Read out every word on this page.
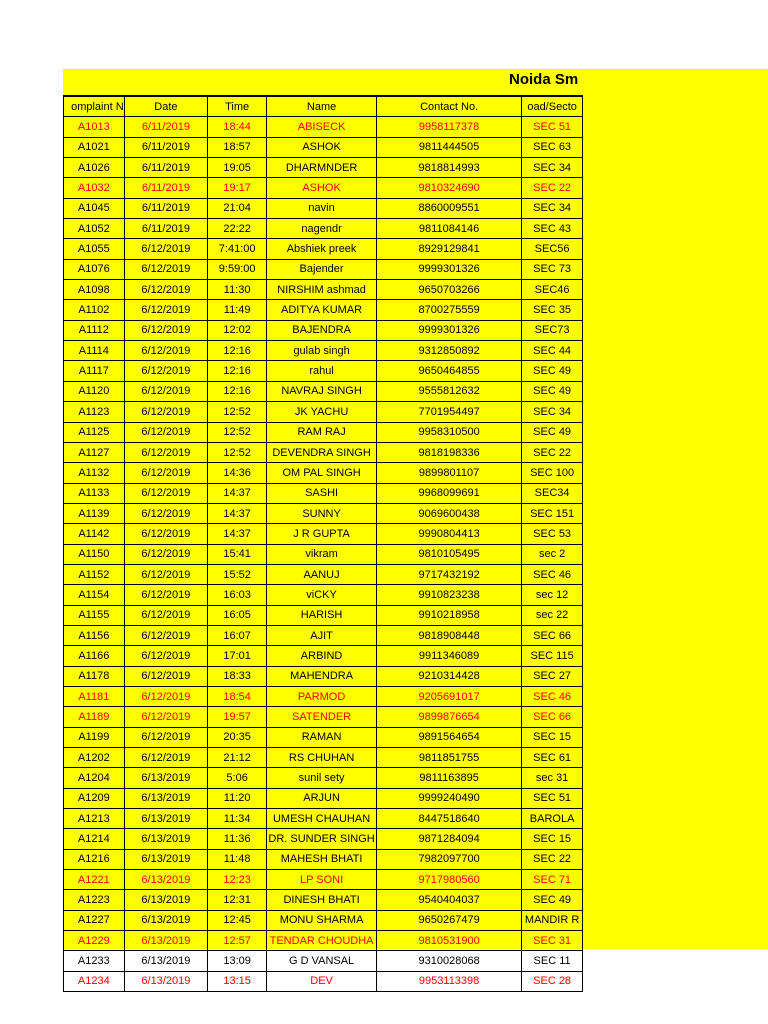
Noida Sm
omplaint N	Date	Time	Name	Contact No.	oad/Secto
A1013	6/11/2019	18:44	ABISECK	9958117378	SEC 51
A1021	6/11/2019	18:57	ASHOK	9811444505	SEC 63
A1026	6/11/2019	19:05	DHARMNDER	9818814993	SEC 34
A1032	6/11/2019	19:17	ASHOK	9810324690	SEC 22
A1045	6/11/2019	21:04	navin	8860009551	SEC 34
A1052	6/11/2019	22:22	nagendr	9811084146	SEC 43
A1055	6/12/2019	7:41:00	Abshiek preek	8929129841	SEC56
A1076	6/12/2019	9:59:00	Bajender	9999301326	SEC 73
A1098	6/12/2019	11:30	NIRSHIM ashmad	9650703266	SEC46
A1102	6/12/2019	11:49	ADITYA KUMAR	8700275559	SEC 35
A1112	6/12/2019	12:02	BAJENDRA	9999301326	SEC73
A1114	6/12/2019	12:16	gulab singh	9312850892	SEC 44
A1117	6/12/2019	12:16	rahul	9650464855	SEC 49
A1120	6/12/2019	12:16	NAVRAJ SINGH	9555812632	SEC 49
A1123	6/12/2019	12:52	JK YACHU	7701954497	SEC 34
A1125	6/12/2019	12:52	RAM RAJ	9958310500	SEC 49
A1127	6/12/2019	12:52	DEVENDRA SINGH	9818198336	SEC 22
A1132	6/12/2019	14:36	OM PAL SINGH	9899801107	SEC 100
A1133	6/12/2019	14:37	SASHI	9968099691	SEC34
A1139	6/12/2019	14:37	SUNNY	9069600438	SEC 151
A1142	6/12/2019	14:37	J R GUPTA	9990804413	SEC 53
A1150	6/12/2019	15:41	vikram	9810105495	sec 2
A1152	6/12/2019	15:52	AANUJ	9717432192	SEC 46
A1154	6/12/2019	16:03	viCKY	9910823238	sec 12
A1155	6/12/2019	16:05	HARISH	9910218958	sec 22
A1156	6/12/2019	16:07	AJIT	9818908448	SEC 66
A1166	6/12/2019	17:01	ARBIND	9911346089	SEC 115
A1178	6/12/2019	18:33	MAHENDRA	9210314428	SEC 27
A1181	6/12/2019	18:54	PARMOD	9205691017	SEC 46
A1189	6/12/2019	19:57	SATENDER	9899876654	SEC 66
A1199	6/12/2019	20:35	RAMAN	9891564654	SEC 15
A1202	6/12/2019	21:12	RS CHUHAN	9811851755	SEC 61
A1204	6/13/2019	5:06	sunil sety	9811163895	sec 31
A1209	6/13/2019	11:20	ARJUN	9999240490	SEC 51
A1213	6/13/2019	11:34	UMESH CHAUHAN	8447518640	BAROLA
A1214	6/13/2019	11:36	DR. SUNDER SINGH	9871284094	SEC 15
A1216	6/13/2019	11:48	MAHESH BHATI	7982097700	SEC 22
A1221	6/13/2019	12:23	LP SONI	9717980560	SEC 71
A1223	6/13/2019	12:31	DINESH BHATI	9540404037	SEC 49
A1227	6/13/2019	12:45	MONU SHARMA	9650267479	MANDIR R
A1229	6/13/2019	12:57	TENDAR CHOUDHA	9810531900	SEC 31
A1233	6/13/2019	13:09	G D VANSAL	9310028068	SEC 11
A1234	6/13/2019	13:15	DEV	9953113398	SEC 28
